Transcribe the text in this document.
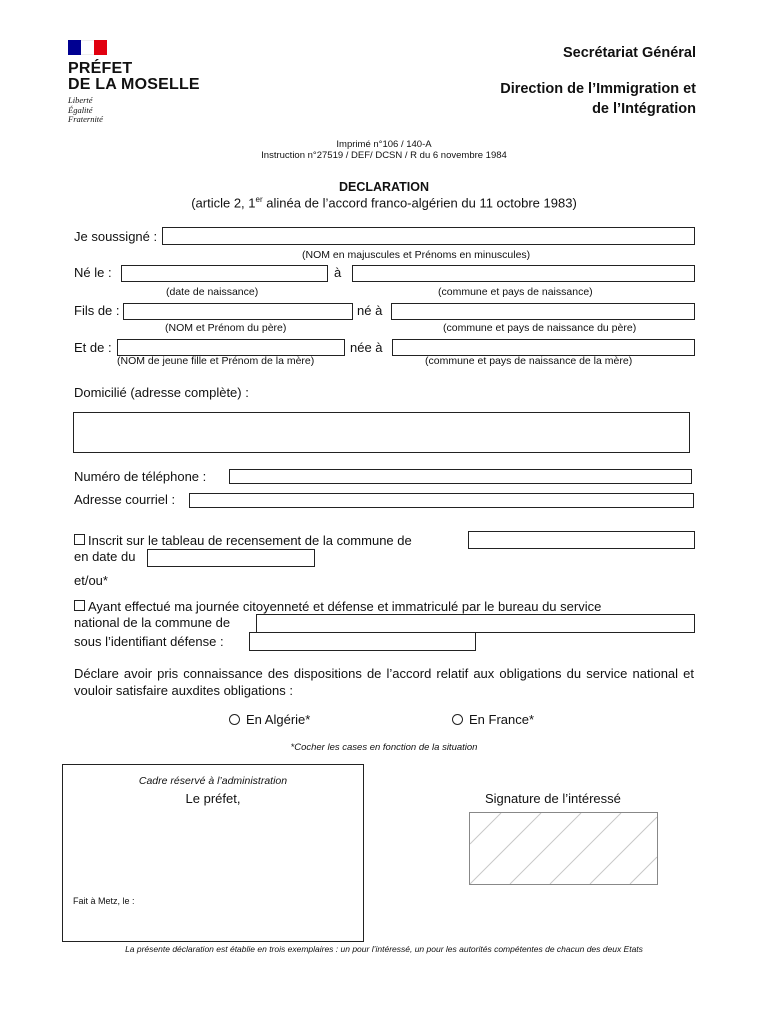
PRÉFET
DE LA MOSELLE
Liberté
Égalité
Fraternité
Secrétariat Général
Direction de l’Immigration et
de l’Intégration
Imprimé n°106 / 140-A
Instruction n°27519 / DEF/ DCSN / R du 6 novembre 1984
DECLARATION
(article 2, 1er alinéa de l’accord franco-algérien du 11 octobre 1983)
Je soussigné :
(NOM en majuscules et Prénoms en minuscules)
Né le :	à
(date de naissance)	(commune et pays de naissance)
Fils de :	né à
(NOM et Prénom du père)	(commune et pays de naissance du père)
Et de :	née à
(NOM de jeune fille et Prénom de la mère)	(commune et pays de naissance de la mère)
Domicilié (adresse complète) :
Numéro de téléphone :
Adresse courriel :
Inscrit sur le tableau de recensement de la commune de
en date du
et/ou*
Ayant effectué ma journée citoyenneté et défense et immatriculé par le bureau du service
national de la commune de
sous l’identifiant défense :
Déclare avoir pris connaissance des dispositions de l’accord relatif aux obligations du service national et vouloir satisfaire auxdites obligations :
En Algérie*	En France*
*Cocher les cases en fonction de la situation
Cadre réservé à l’administration
Le préfet,
Fait à Metz, le :
Signature de l’intéressé
La présente déclaration est établie en trois exemplaires : un pour l’intéressé, un pour les autorités compétentes de chacun des deux Etats
